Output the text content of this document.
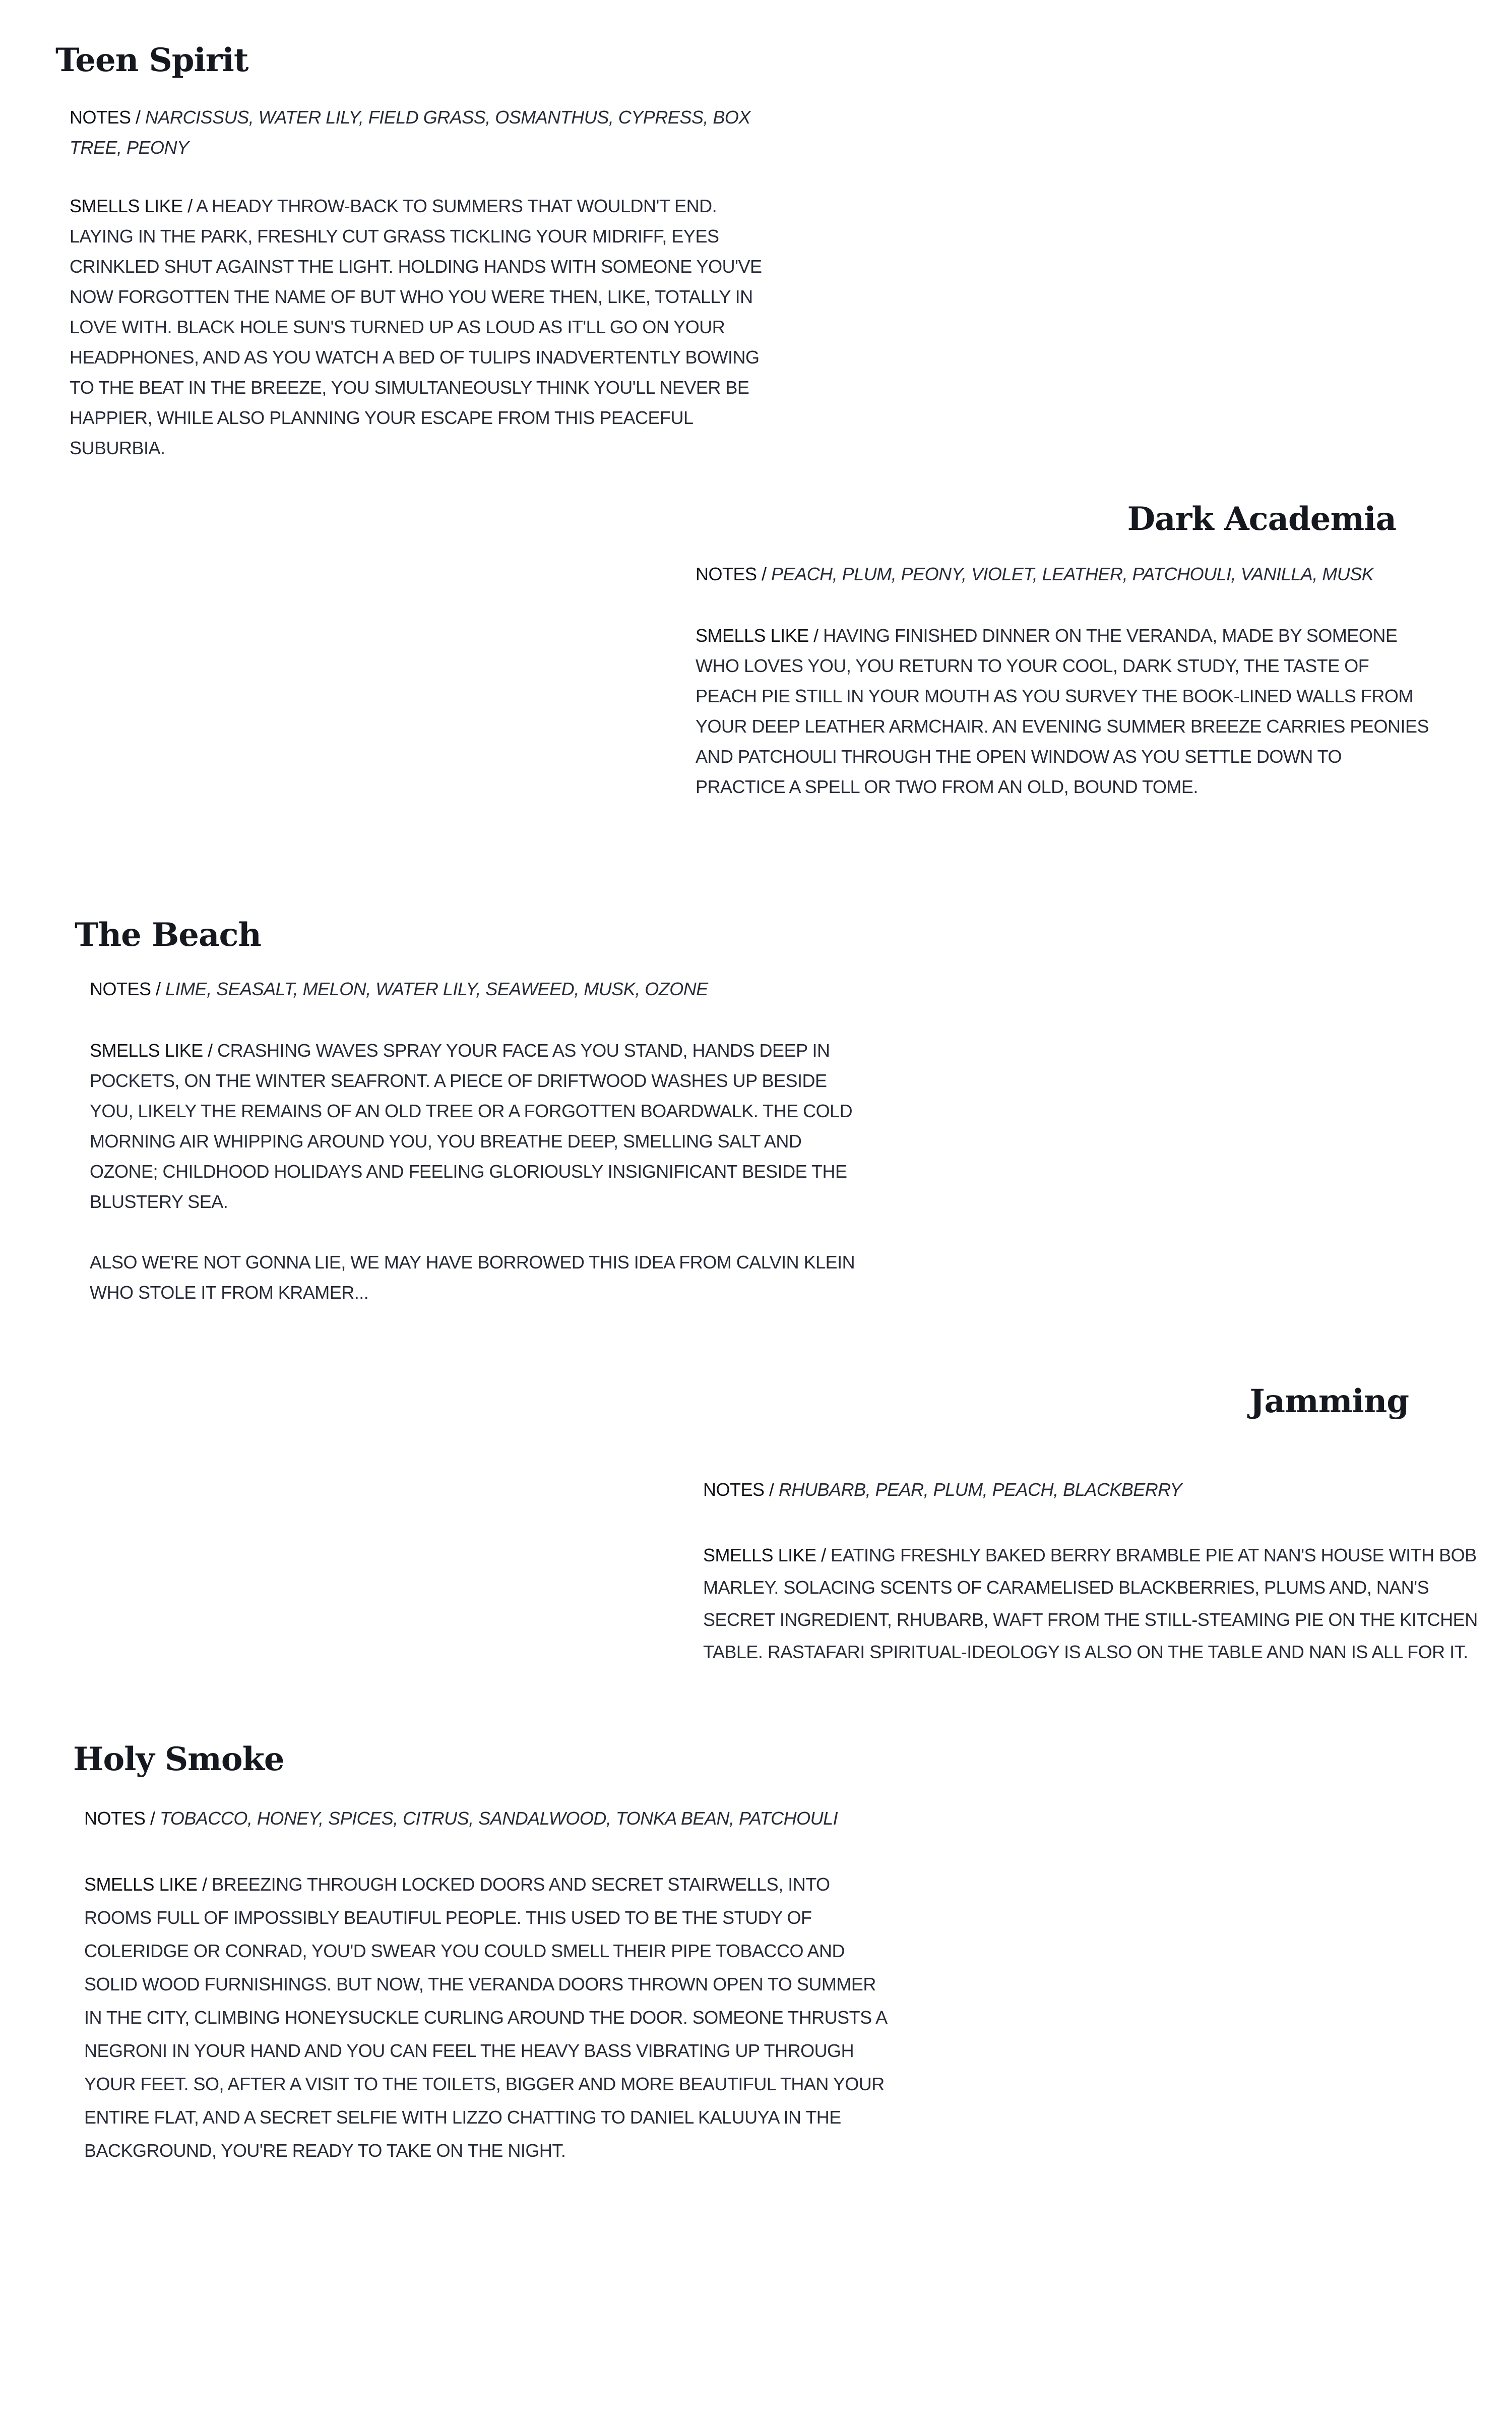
Teen Spirit

NOTES / NARCISSUS, WATER LILY, FIELD GRASS, OSMANTHUS, CYPRESS, BOX TREE, PEONY

SMELLS LIKE / A HEADY THROW-BACK TO SUMMERS THAT WOULDN'T END. LAYING IN THE PARK, FRESHLY CUT GRASS TICKLING YOUR MIDRIFF, EYES CRINKLED SHUT AGAINST THE LIGHT. HOLDING HANDS WITH SOMEONE YOU'VE NOW FORGOTTEN THE NAME OF BUT WHO YOU WERE THEN, LIKE, TOTALLY IN LOVE WITH. BLACK HOLE SUN'S TURNED UP AS LOUD AS IT'LL GO ON YOUR HEADPHONES, AND AS YOU WATCH A BED OF TULIPS INADVERTENTLY BOWING TO THE BEAT IN THE BREEZE, YOU SIMULTANEOUSLY THINK YOU'LL NEVER BE HAPPIER, WHILE ALSO PLANNING YOUR ESCAPE FROM THIS PEACEFUL SUBURBIA.

Dark Academia

NOTES / PEACH, PLUM, PEONY, VIOLET, LEATHER, PATCHOULI, VANILLA, MUSK

SMELLS LIKE / HAVING FINISHED DINNER ON THE VERANDA, MADE BY SOMEONE WHO LOVES YOU, YOU RETURN TO YOUR COOL, DARK STUDY, THE TASTE OF PEACH PIE STILL IN YOUR MOUTH AS YOU SURVEY THE BOOK-LINED WALLS FROM YOUR DEEP LEATHER ARMCHAIR. AN EVENING SUMMER BREEZE CARRIES PEONIES AND PATCHOULI THROUGH THE OPEN WINDOW AS YOU SETTLE DOWN TO PRACTICE A SPELL OR TWO FROM AN OLD, BOUND TOME.

The Beach

NOTES / LIME, SEASALT, MELON, WATER LILY, SEAWEED, MUSK, OZONE

SMELLS LIKE / CRASHING WAVES SPRAY YOUR FACE AS YOU STAND, HANDS DEEP IN POCKETS, ON THE WINTER SEAFRONT. A PIECE OF DRIFTWOOD WASHES UP BESIDE YOU, LIKELY THE REMAINS OF AN OLD TREE OR A FORGOTTEN BOARDWALK. THE COLD MORNING AIR WHIPPING AROUND YOU, YOU BREATHE DEEP, SMELLING SALT AND OZONE; CHILDHOOD HOLIDAYS AND FEELING GLORIOUSLY INSIGNIFICANT BESIDE THE BLUSTERY SEA.

ALSO WE'RE NOT GONNA LIE, WE MAY HAVE BORROWED THIS IDEA FROM CALVIN KLEIN WHO STOLE IT FROM KRAMER...

Jamming

NOTES / RHUBARB, PEAR, PLUM, PEACH, BLACKBERRY

SMELLS LIKE / EATING FRESHLY BAKED BERRY BRAMBLE PIE AT NAN'S HOUSE WITH BOB MARLEY. SOLACING SCENTS OF CARAMELISED BLACKBERRIES, PLUMS AND, NAN'S SECRET INGREDIENT, RHUBARB, WAFT FROM THE STILL-STEAMING PIE ON THE KITCHEN TABLE. RASTAFARI SPIRITUAL-IDEOLOGY IS ALSO ON THE TABLE AND NAN IS ALL FOR IT.

Holy Smoke

NOTES / TOBACCO, HONEY, SPICES, CITRUS, SANDALWOOD, TONKA BEAN, PATCHOULI

SMELLS LIKE / BREEZING THROUGH LOCKED DOORS AND SECRET STAIRWELLS, INTO ROOMS FULL OF IMPOSSIBLY BEAUTIFUL PEOPLE. THIS USED TO BE THE STUDY OF COLERIDGE OR CONRAD, YOU'D SWEAR YOU COULD SMELL THEIR PIPE TOBACCO AND SOLID WOOD FURNISHINGS. BUT NOW, THE VERANDA DOORS THROWN OPEN TO SUMMER IN THE CITY, CLIMBING HONEYSUCKLE CURLING AROUND THE DOOR. SOMEONE THRUSTS A NEGRONI IN YOUR HAND AND YOU CAN FEEL THE HEAVY BASS VIBRATING UP THROUGH YOUR FEET. SO, AFTER A VISIT TO THE TOILETS, BIGGER AND MORE BEAUTIFUL THAN YOUR ENTIRE FLAT, AND A SECRET SELFIE WITH LIZZO CHATTING TO DANIEL KALUUYA IN THE BACKGROUND, YOU'RE READY TO TAKE ON THE NIGHT.
